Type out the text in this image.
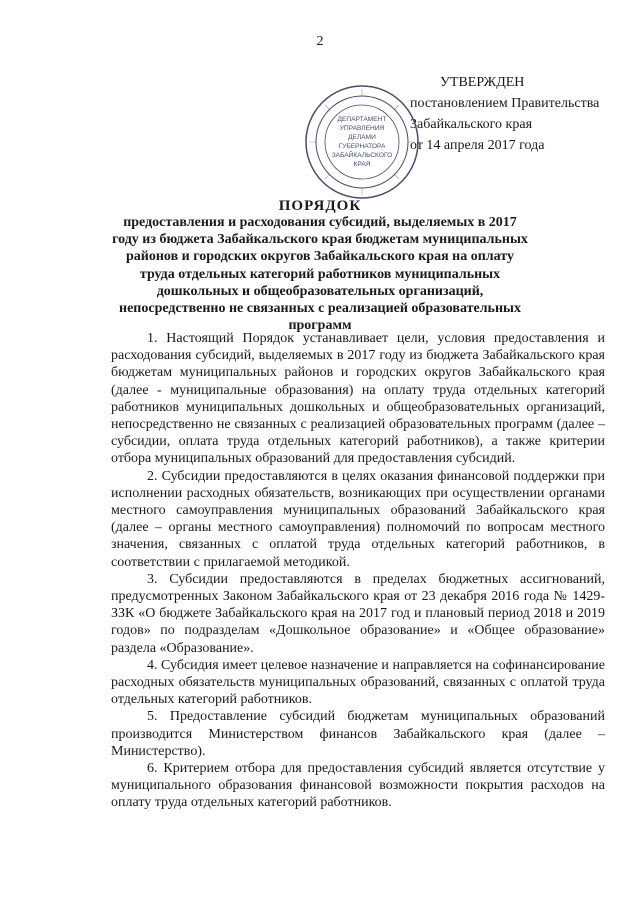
2
УТВЕРЖДЕН
постановлением Правительства
Забайкальского края
от 14 апреля 2017 года
ДЕПАРТАМЕНТ
УПРАВЛЕНИЯ
ДЕЛАМИ
ГУБЕРНАТОРА
ЗАБАЙКАЛЬСКОГО
КРАЯ
ПОРЯДОК
предоставления и расходования субсидий, выделяемых в 2017 году из бюджета Забайкальского края бюджетам муниципальных районов и городских округов Забайкальского края на оплату труда отдельных категорий работников муниципальных дошкольных и общеобразовательных организаций, непосредственно не связанных с реализацией образовательных программ

1. Настоящий Порядок устанавливает цели, условия предоставления и расходования субсидий, выделяемых в 2017 году из бюджета Забайкальского края бюджетам муниципальных районов и городских округов Забайкальского края (далее - муниципальные образования) на оплату труда отдельных категорий работников муниципальных дошкольных и общеобразовательных организаций, непосредственно не связанных с реализацией образовательных программ (далее – субсидии, оплата труда отдельных категорий работников), а также критерии отбора муниципальных образований для предоставления субсидий.

2. Субсидии предоставляются в целях оказания финансовой поддержки при исполнении расходных обязательств, возникающих при осуществлении органами местного самоуправления муниципальных образований Забайкальского края (далее – органы местного самоуправления) полномочий по вопросам местного значения, связанных с оплатой труда отдельных категорий работников, в соответствии с прилагаемой методикой.

3. Субсидии предоставляются в пределах бюджетных ассигнований, предусмотренных Законом Забайкальского края от 23 декабря 2016 года № 1429-ЗЗК «О бюджете Забайкальского края на 2017 год и плановый период 2018 и 2019 годов» по подразделам «Дошкольное образование» и «Общее образование» раздела «Образование».

4. Субсидия имеет целевое назначение и направляется на софинансирование расходных обязательств муниципальных образований, связанных с оплатой труда отдельных категорий работников.

5. Предоставление субсидий бюджетам муниципальных образований производится Министерством финансов Забайкальского края (далее – Министерство).

6. Критерием отбора для предоставления субсидий является отсутствие у муниципального образования финансовой возможности покрытия расходов на оплату труда отдельных категорий работников.
